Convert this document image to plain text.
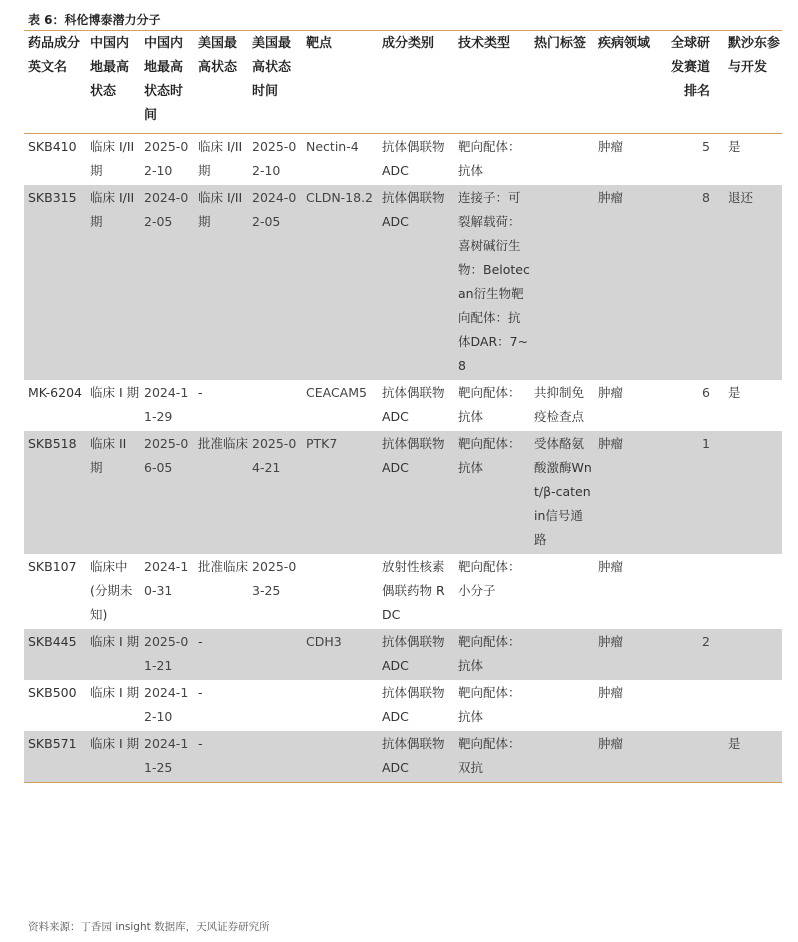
表 6：科伦博泰潜力分子
药品成分英文名	中国内地最高状态	中国内地最高状态时间	美国最高状态	美国最高状态时间	靶点	成分类别	技术类型	热门标签	疾病领域	全球研发赛道排名	默沙东参与开发
SKB410	临床 I/II 期	2025-02-10	临床 I/II 期	2025-02-10	Nectin-4	抗体偶联物 ADC	靶向配体：抗体		肿瘤	5	是
SKB315	临床 I/II 期	2024-02-05	临床 I/II 期	2024-02-05	CLDN-18.2	抗体偶联物 ADC	连接子：可裂解载荷：喜树碱衍生物：Belotecan衍生物靶向配体：抗体DAR：7~8		肿瘤	8	退还
MK-6204	临床 I 期	2024-11-29	-		CEACAM5	抗体偶联物 ADC	靶向配体：抗体	共抑制免疫检查点	肿瘤	6	是
SKB518	临床 II 期	2025-06-05	批准临床	2025-04-21	PTK7	抗体偶联物 ADC	靶向配体：抗体	受体酪氨酸激酶Wnt/β-catenin信号通路	肿瘤	1	
SKB107	临床中 (分期未知)	2024-10-31	批准临床	2025-03-25		放射性核素偶联药物 RDC	靶向配体：小分子		肿瘤		
SKB445	临床 I 期	2025-01-21	-		CDH3	抗体偶联物 ADC	靶向配体：抗体		肿瘤	2	
SKB500	临床 I 期	2024-12-10	-			抗体偶联物 ADC	靶向配体：抗体		肿瘤		
SKB571	临床 I 期	2024-11-25	-			抗体偶联物 ADC	靶向配体：双抗		肿瘤		是
资料来源：丁香园 insight 数据库，天风证券研究所
